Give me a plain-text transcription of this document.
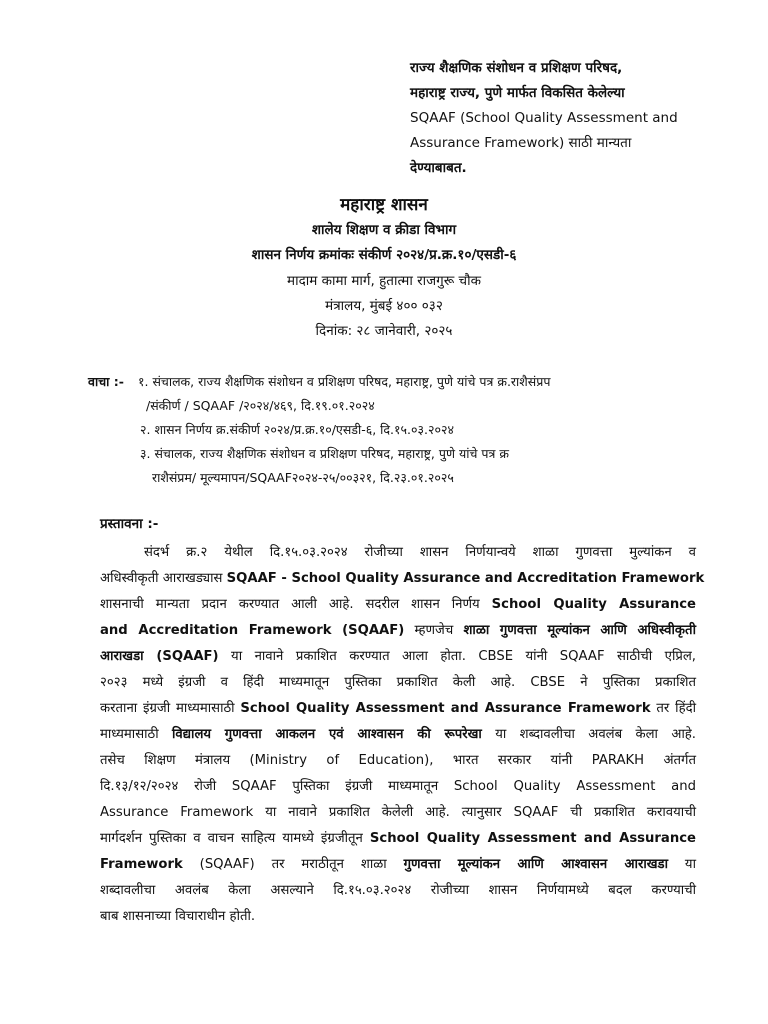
राज्य शैक्षणिक संशोधन व प्रशिक्षण परिषद,
महाराष्ट्र राज्य, पुणे मार्फत विकसित केलेल्या
SQAAF (School Quality Assessment and
Assurance Framework) साठी मान्यता
देण्याबाबत.
महाराष्ट्र शासन
शालेय शिक्षण व क्रीडा विभाग
शासन निर्णय क्रमांकः संकीर्ण २०२४/प्र.क्र.१०/एसडी-६
मादाम कामा मार्ग, हुतात्मा राजगुरू चौक
मंत्रालय, मुंबई ४०० ०३२
दिनांक: २८ जानेवारी, २०२५
वाचा :- १. संचालक, राज्य शैक्षणिक संशोधन व प्रशिक्षण परिषद, महाराष्ट्र, पुणे यांचे पत्र क्र.राशैसंप्रप
/संकीर्ण / SQAAF /२०२४/४६९, दि.१९.०१.२०२४
२. शासन निर्णय क्र.संकीर्ण २०२४/प्र.क्र.१०/एसडी-६, दि.१५.०३.२०२४
३. संचालक, राज्य शैक्षणिक संशोधन व प्रशिक्षण परिषद, महाराष्ट्र, पुणे यांचे पत्र क्र
राशैसंप्रम/ मूल्यमापन/SQAAF२०२४-२५/००३२१, दि.२३.०१.२०२५
प्रस्तावना :-
संदर्भ क्र.२ येथील दि.१५.०३.२०२४ रोजीच्या शासन निर्णयान्वये शाळा गुणवत्ता मुल्यांकन व
अधिस्वीकृती आराखड्यास SQAAF - School Quality Assurance and Accreditation Framework
शासनाची मान्यता प्रदान करण्यात आली आहे. सदरील शासन निर्णय School Quality Assurance
and Accreditation Framework (SQAAF) म्हणजेच शाळा गुणवत्ता मूल्यांकन आणि अधिस्वीकृती
आराखडा (SQAAF) या नावाने प्रकाशित करण्यात आला होता. CBSE यांनी SQAAF साठीची एप्रिल,
२०२३ मध्ये इंग्रजी व हिंदी माध्यमातून पुस्तिका प्रकाशित केली आहे. CBSE ने पुस्तिका प्रकाशित
करताना इंग्रजी माध्यमासाठी School Quality Assessment and Assurance Framework तर हिंदी
माध्यमासाठी विद्यालय गुणवत्ता आकलन एवं आश्वासन की रूपरेखा या शब्दावलीचा अवलंब केला आहे.
तसेच शिक्षण मंत्रालय (Ministry of Education), भारत सरकार यांनी PARAKH अंतर्गत
दि.१३/१२/२०२४ रोजी SQAAF पुस्तिका इंग्रजी माध्यमातून School Quality Assessment and
Assurance Framework या नावाने प्रकाशित केलेली आहे. त्यानुसार SQAAF ची प्रकाशित करावयाची
मार्गदर्शन पुस्तिका व वाचन साहित्य यामध्ये इंग्रजीतून School Quality Assessment and Assurance
Framework (SQAAF) तर मराठीतून शाळा गुणवत्ता मूल्यांकन आणि आश्वासन आराखडा या
शब्दावलीचा अवलंब केला असल्याने दि.१५.०३.२०२४ रोजीच्या शासन निर्णयामध्ये बदल करण्याची
बाब शासनाच्या विचाराधीन होती.
